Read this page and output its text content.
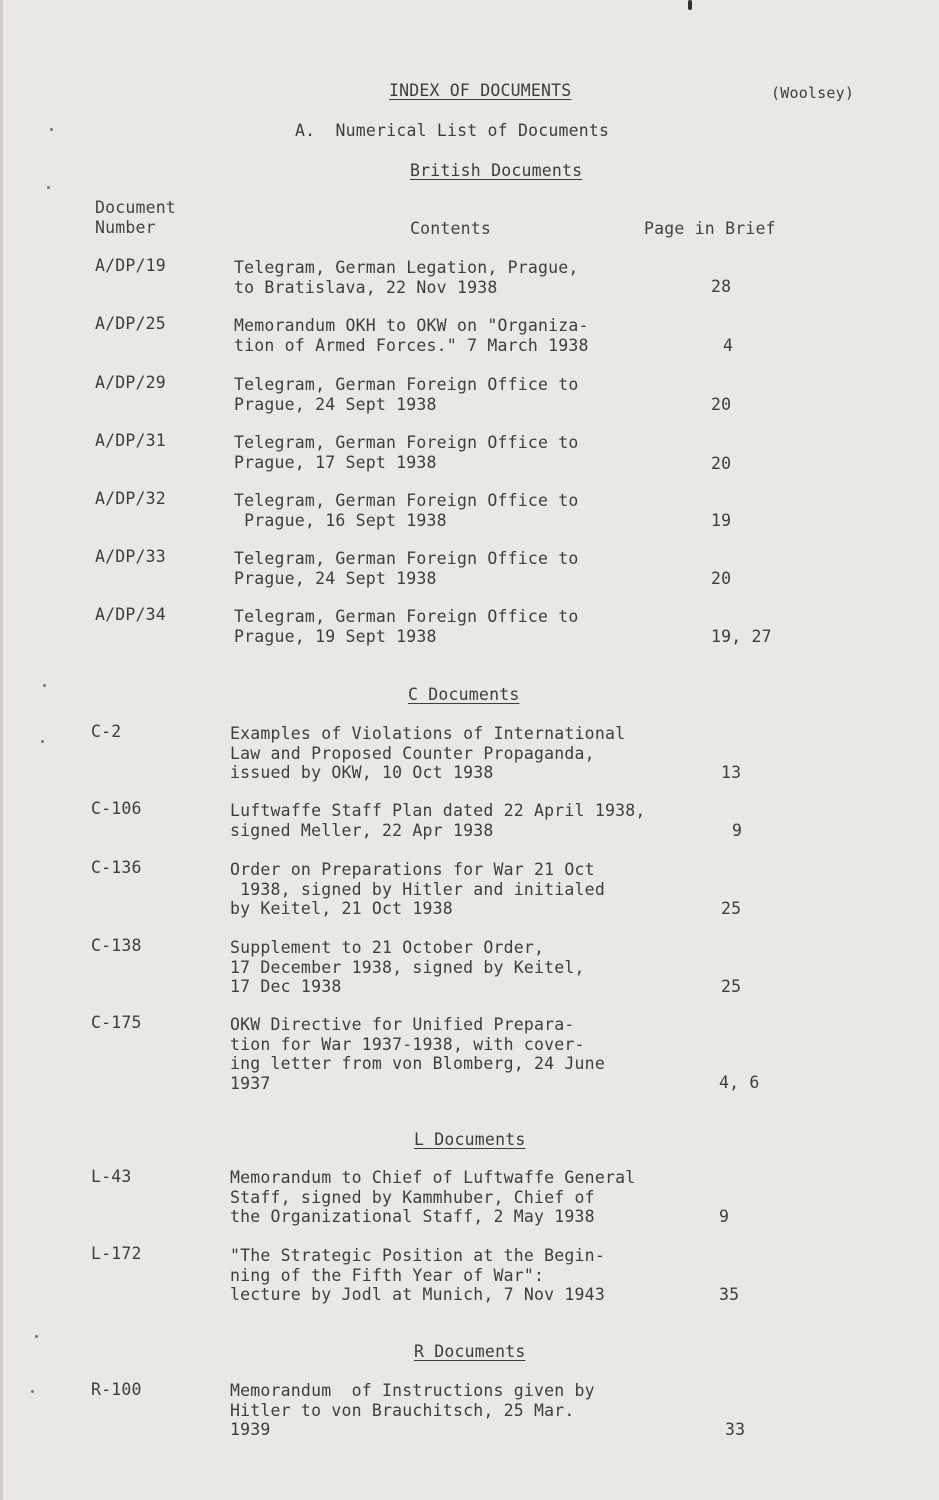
INDEX OF DOCUMENTS	(Woolsey)
A.  Numerical List of Documents
British Documents
Document
Number	Contents	Page in Brief
A/DP/19	Telegram, German Legation, Prague,
to Bratislava, 22 Nov 1938	28
A/DP/25	Memorandum OKH to OKW on "Organiza-
tion of Armed Forces." 7 March 1938	4
A/DP/29	Telegram, German Foreign Office to
Prague, 24 Sept 1938	20
A/DP/31	Telegram, German Foreign Office to
Prague, 17 Sept 1938	20
A/DP/32	Telegram, German Foreign Office to
Prague, 16 Sept 1938	19
A/DP/33	Telegram, German Foreign Office to
Prague, 24 Sept 1938	20
A/DP/34	Telegram, German Foreign Office to
Prague, 19 Sept 1938	19, 27
C Documents
C-2	Examples of Violations of International
Law and Proposed Counter Propaganda,
issued by OKW, 10 Oct 1938	13
C-106	Luftwaffe Staff Plan dated 22 April 1938,
signed Meller, 22 Apr 1938	9
C-136	Order on Preparations for War 21 Oct
1938, signed by Hitler and initialed
by Keitel, 21 Oct 1938	25
C-138	Supplement to 21 October Order,
17 December 1938, signed by Keitel,
17 Dec 1938	25
C-175	OKW Directive for Unified Prepara-
tion for War 1937-1938, with cover-
ing letter from von Blomberg, 24 June
1937	4, 6
L Documents
L-43	Memorandum to Chief of Luftwaffe General
Staff, signed by Kammhuber, Chief of
the Organizational Staff, 2 May 1938	9
L-172	"The Strategic Position at the Begin-
ning of the Fifth Year of War":
lecture by Jodl at Munich, 7 Nov 1943	35
R Documents
R-100	Memorandum  of Instructions given by
Hitler to von Brauchitsch, 25 Mar.
1939	33
